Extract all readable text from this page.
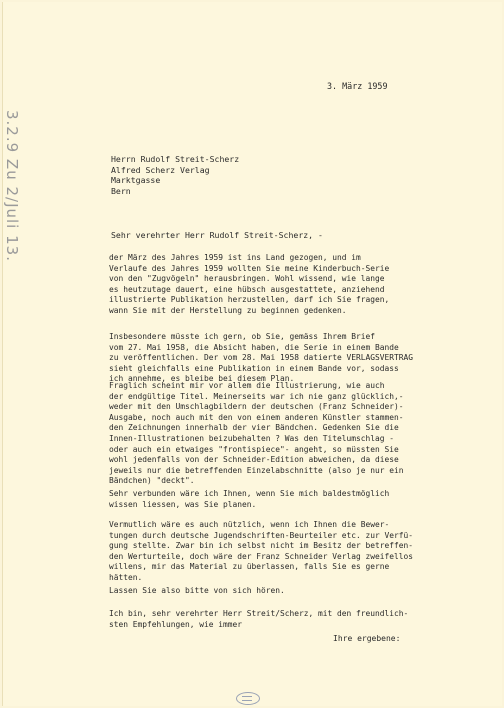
3.2.9 Zu 2/Juli 13.
3. März 1959
Herrn Rudolf Streit-Scherz
Alfred Scherz Verlag
Marktgasse
Bern
Sehr verehrter Herr Rudolf Streit-Scherz, -
der März des Jahres 1959 ist ins Land gezogen, und im
Verlaufe des Jahres 1959 wollten Sie meine Kinderbuch-Serie
von den "Zugvögeln" herausbringen. Wohl wissend, wie lange
es heutzutage dauert, eine hübsch ausgestattete, anziehend
illustrierte Publikation herzustellen, darf ich Sie fragen,
wann Sie mit der Herstellung zu beginnen gedenken.
Insbesondere müsste ich gern, ob Sie, gemäss Ihrem Brief
vom 27. Mai 1958, die Absicht haben, die Serie in einem Bande
zu veröffentlichen. Der vom 28. Mai 1958 datierte VERLAGSVERTRAG
sieht gleichfalls eine Publikation in einem Bande vor, sodass
ich annehme, es bleibe bei diesem Plan.
Fraglich scheint mir vor allem die Illustrierung, wie auch
der endgültige Titel. Meinerseits war ich nie ganz glücklich,-
weder mit den Umschlagbildern der deutschen (Franz Schneider)-
Ausgabe, noch auch mit den von einem anderen Künstler stammen-
den Zeichnungen innerhalb der vier Bändchen. Gedenken Sie die
Innen-Illustrationen beizubehalten ? Was den Titelumschlag -
oder auch ein etwaiges "frontispiece"- angeht, so müssten Sie
wohl jedenfalls von der Schneider-Edition abweichen, da diese
jeweils nur die betreffenden Einzelabschnitte (also je nur ein
Bändchen) "deckt".
Sehr verbunden wäre ich Ihnen, wenn Sie mich baldestmöglich
wissen liessen, was Sie planen.
Vermutlich wäre es auch nützlich, wenn ich Ihnen die Bewer-
tungen durch deutsche Jugendschriften-Beurteiler etc. zur Verfü-
gung stellte. Zwar bin ich selbst nicht im Besitz der betreffen-
den Werturteile, doch wäre der Franz Schneider Verlag zweifellos
willens, mir das Material zu überlassen, falls Sie es gerne
hätten.
Lassen Sie also bitte von sich hören.
Ich bin, sehr verehrter Herr Streit/Scherz, mit den freundlich-
sten Empfehlungen, wie immer
Ihre ergebene:
